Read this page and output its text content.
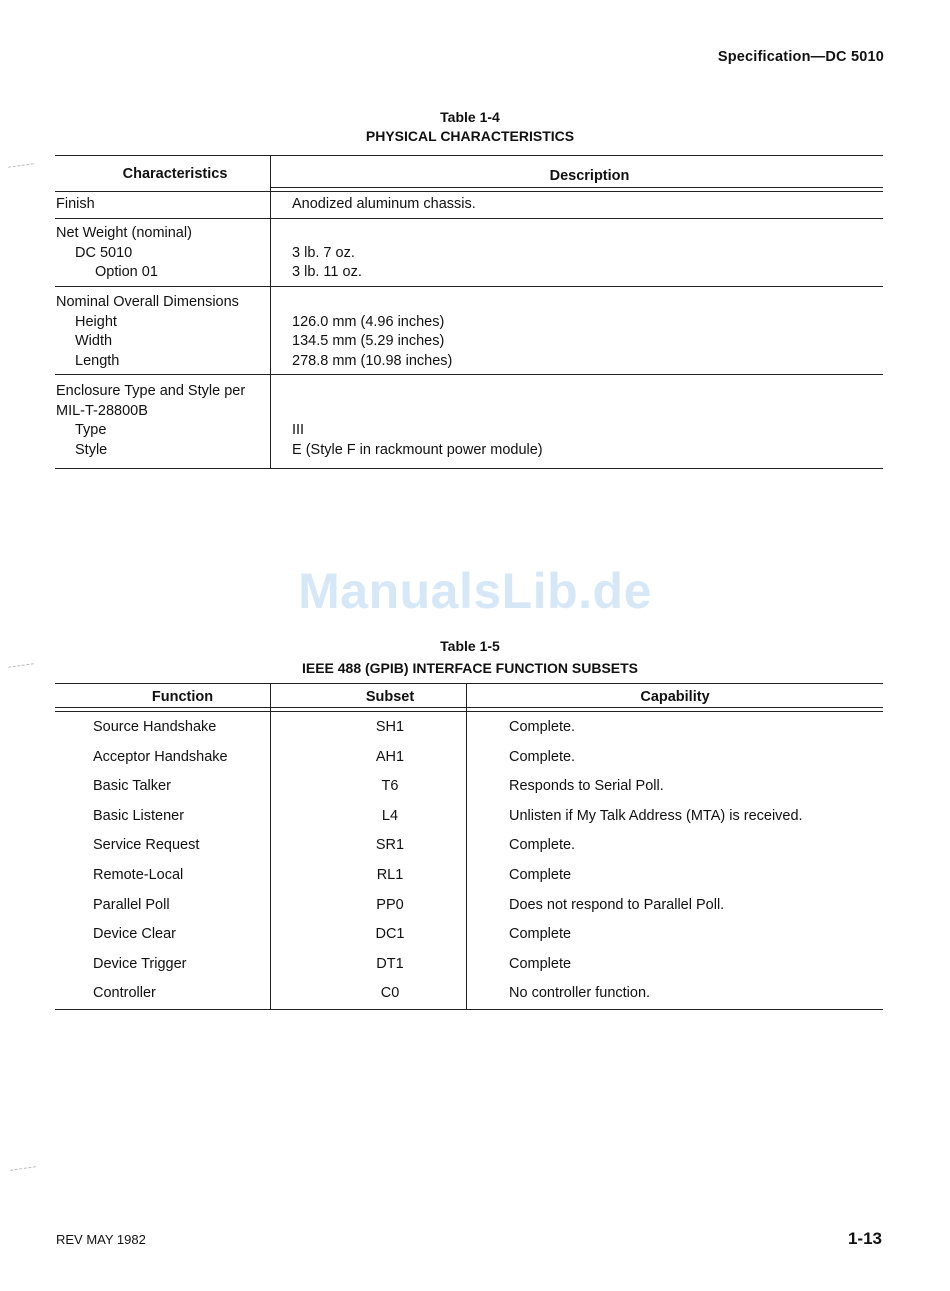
Specification—DC 5010
Table 1-4
PHYSICAL CHARACTERISTICS
Characteristics	Description
Finish	Anodized aluminum chassis.
Net Weight (nominal)
DC 5010	3 lb. 7 oz.
Option 01	3 lb. 11 oz.
Nominal Overall Dimensions
Height	126.0 mm (4.96 inches)
Width	134.5 mm (5.29 inches)
Length	278.8 mm (10.98 inches)
Enclosure Type and Style per
MIL-T-28800B
Type	III
Style	E (Style F in rackmount power module)
ManualsLib.de
Table 1-5
IEEE 488 (GPIB) INTERFACE FUNCTION SUBSETS
Function	Subset	Capability
Source Handshake	SH1	Complete.
Acceptor Handshake	AH1	Complete.
Basic Talker	T6	Responds to Serial Poll.
Basic Listener	L4	Unlisten if My Talk Address (MTA) is received.
Service Request	SR1	Complete.
Remote-Local	RL1	Complete
Parallel Poll	PP0	Does not respond to Parallel Poll.
Device Clear	DC1	Complete
Device Trigger	DT1	Complete
Controller	C0	No controller function.
REV MAY 1982	1-13
